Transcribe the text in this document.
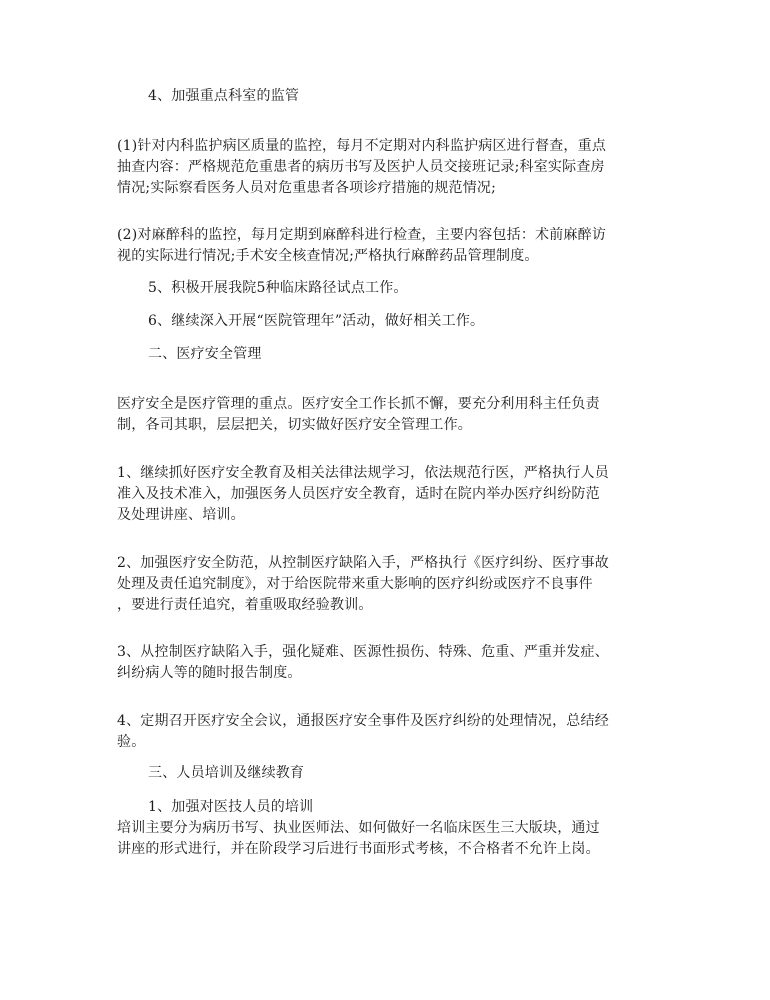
4、加强重点科室的监管
(1)针对内科监护病区质量的监控，每月不定期对内科监护病区进行督查，重点
抽查内容：严格规范危重患者的病历书写及医护人员交接班记录;科室实际查房
情况;实际察看医务人员对危重患者各项诊疗措施的规范情况;
(2)对麻醉科的监控，每月定期到麻醉科进行检查，主要内容包括：术前麻醉访
视的实际进行情况;手术安全核查情况;严格执行麻醉药品管理制度。
5、积极开展我院5种临床路径试点工作。
6、继续深入开展“医院管理年”活动，做好相关工作。
二、医疗安全管理
医疗安全是医疗管理的重点。医疗安全工作长抓不懈，要充分利用科主任负责
制，各司其职，层层把关，切实做好医疗安全管理工作。
1、继续抓好医疗安全教育及相关法律法规学习，依法规范行医，严格执行人员
准入及技术准入，加强医务人员医疗安全教育，适时在院内举办医疗纠纷防范
及处理讲座、培训。
2、加强医疗安全防范，从控制医疗缺陷入手，严格执行《医疗纠纷、医疗事故
处理及责任追究制度》，对于给医院带来重大影响的医疗纠纷或医疗不良事件
，要进行责任追究，着重吸取经验教训。
3、从控制医疗缺陷入手，强化疑难、医源性损伤、特殊、危重、严重并发症、
纠纷病人等的随时报告制度。
4、定期召开医疗安全会议，通报医疗安全事件及医疗纠纷的处理情况，总结经
验。
三、人员培训及继续教育
1、加强对医技人员的培训
培训主要分为病历书写、执业医师法、如何做好一名临床医生三大版块，通过
讲座的形式进行，并在阶段学习后进行书面形式考核，不合格者不允许上岗。
